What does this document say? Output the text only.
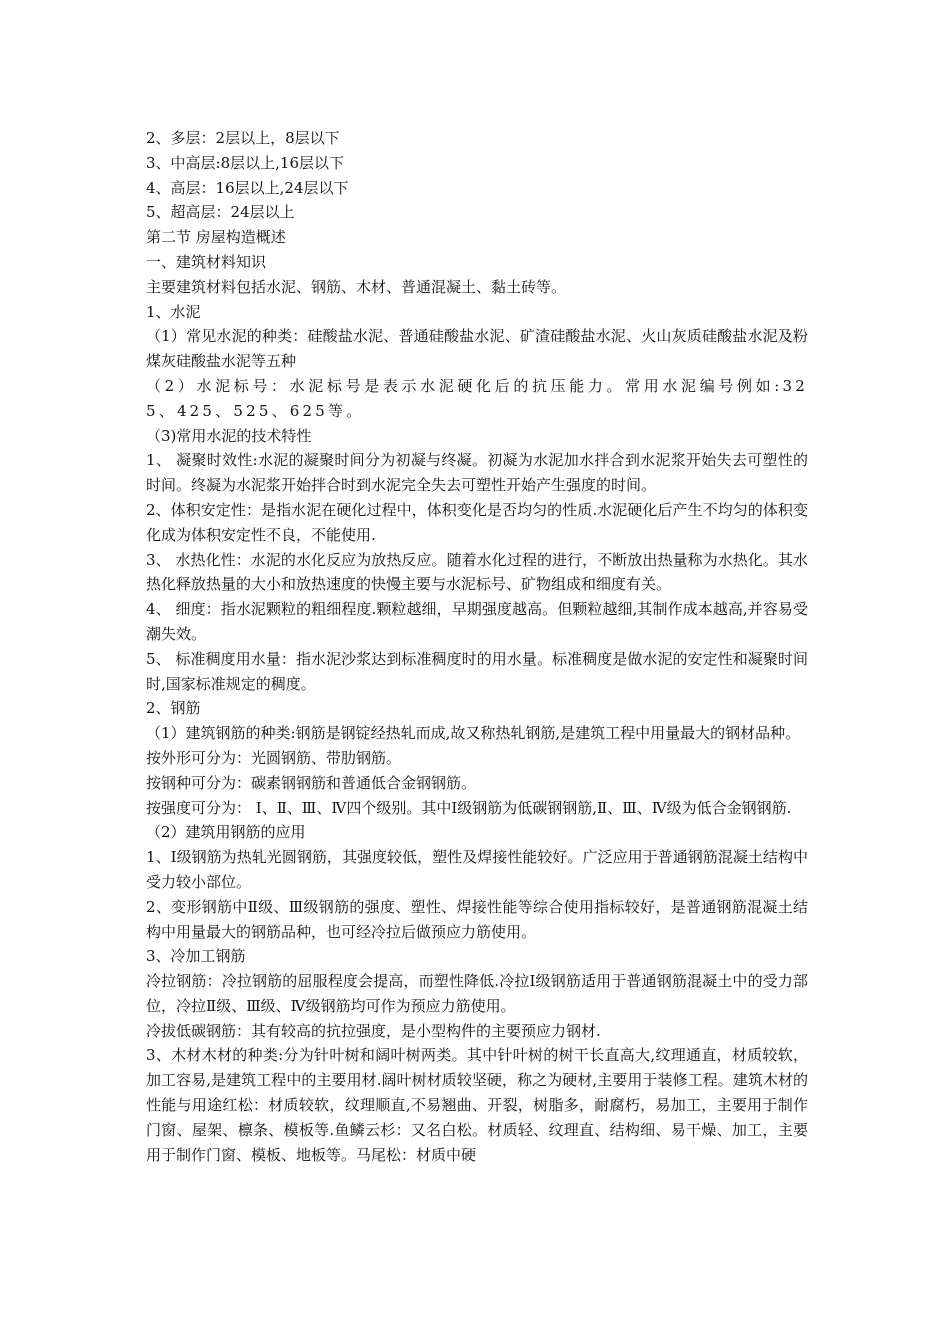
2、多层：2层以上，8层以下

3、中高层:8层以上,16层以下

4、高层：16层以上,24层以下

5、超高层：24层以上

第二节 房屋构造概述

一、建筑材料知识

主要建筑材料包括水泥、钢筋、木材、普通混凝土、黏土砖等。

1、水泥

（1）常见水泥的种类：硅酸盐水泥、普通硅酸盐水泥、矿渣硅酸盐水泥、火山灰质硅酸盐水泥及粉煤灰硅酸盐水泥等五种

（2）水泥标号：水泥标号是表示水泥硬化后的抗压能力。常用水泥编号例如:325、425、525、625等。

（3)常用水泥的技术特性

1、 凝聚时效性:水泥的凝聚时间分为初凝与终凝。初凝为水泥加水拌合到水泥浆开始失去可塑性的时间。终凝为水泥浆开始拌合时到水泥完全失去可塑性开始产生强度的时间。

2、体积安定性：是指水泥在硬化过程中，体积变化是否均匀的性质.水泥硬化后产生不均匀的体积变化成为体积安定性不良，不能使用.

3、 水热化性：水泥的水化反应为放热反应。随着水化过程的进行，不断放出热量称为水热化。其水热化释放热量的大小和放热速度的快慢主要与水泥标号、矿物组成和细度有关。

4、 细度：指水泥颗粒的粗细程度.颗粒越细，早期强度越高。但颗粒越细,其制作成本越高,并容易受潮失效。

5、 标准稠度用水量：指水泥沙浆达到标准稠度时的用水量。标准稠度是做水泥的安定性和凝聚时间时,国家标准规定的稠度。

2、钢筋

（1）建筑钢筋的种类:钢筋是钢锭经热轧而成,故又称热轧钢筋,是建筑工程中用量最大的钢材品种。

按外形可分为：光圆钢筋、带肋钢筋。

按钢种可分为：碳素钢钢筋和普通低合金钢钢筋。

按强度可分为： Ⅰ、Ⅱ、Ⅲ、Ⅳ四个级别。其中Ⅰ级钢筋为低碳钢钢筋,Ⅱ、Ⅲ、Ⅳ级为低合金钢钢筋.

（2）建筑用钢筋的应用

1、Ⅰ级钢筋为热轧光圆钢筋，其强度较低，塑性及焊接性能较好。广泛应用于普通钢筋混凝土结构中受力较小部位。

2、变形钢筋中Ⅱ级、Ⅲ级钢筋的强度、塑性、焊接性能等综合使用指标较好，是普通钢筋混凝土结构中用量最大的钢筋品种，也可经冷拉后做预应力筋使用。

3、冷加工钢筋

冷拉钢筋：冷拉钢筋的屈服程度会提高，而塑性降低.冷拉Ⅰ级钢筋适用于普通钢筋混凝土中的受力部位，冷拉Ⅱ级、Ⅲ级、Ⅳ级钢筋均可作为预应力筋使用。

冷拔低碳钢筋：其有较高的抗拉强度，是小型构件的主要预应力钢材.

3、木材木材的种类:分为针叶树和阔叶树两类。其中针叶树的树干长直高大,纹理通直，材质较软，加工容易,是建筑工程中的主要用材.阔叶树材质较坚硬，称之为硬材,主要用于装修工程。建筑木材的性能与用途红松：材质较软，纹理顺直,不易翘曲、开裂，树脂多，耐腐朽，易加工，主要用于制作门窗、屋架、檩条、模板等.鱼鳞云杉：又名白松。材质轻、纹理直、结构细、易干燥、加工，主要用于制作门窗、模板、地板等。马尾松：材质中硬
